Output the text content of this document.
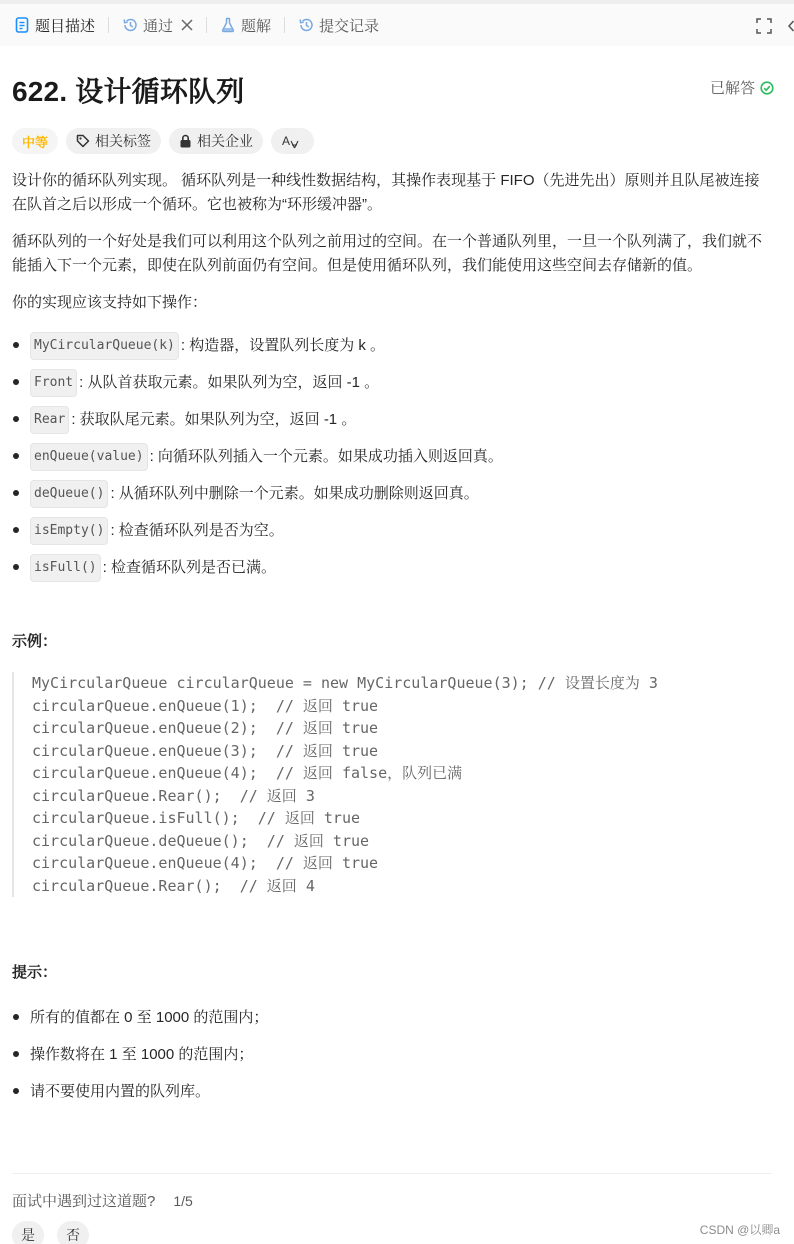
题目描述	通过	题解	提交记录
622. 设计循环队列	已解答
中等	相关标签	相关企业 A

设计你的循环队列实现。 循环队列是一种线性数据结构，其操作表现基于 FIFO（先进先出）原则并且队尾被连接在队首之后以形成一个循环。它也被称为“环形缓冲器”。

循环队列的一个好处是我们可以利用这个队列之前用过的空间。在一个普通队列里，一旦一个队列满了，我们就不能插入下一个元素，即使在队列前面仍有空间。但是使用循环队列，我们能使用这些空间去存储新的值。

你的实现应该支持如下操作：

MyCircularQueue(k) : 构造器，设置队列长度为 k 。
Front : 从队首获取元素。如果队列为空，返回 -1 。
Rear : 获取队尾元素。如果队列为空，返回 -1 。
enQueue(value) : 向循环队列插入一个元素。如果成功插入则返回真。
deQueue() : 从循环队列中删除一个元素。如果成功删除则返回真。
isEmpty() : 检查循环队列是否为空。
isFull() : 检查循环队列是否已满。
示例：
MyCircularQueue circularQueue = new MyCircularQueue(3); // 设置长度为 3
circularQueue.enQueue(1);  // 返回 true
circularQueue.enQueue(2);  // 返回 true
circularQueue.enQueue(3);  // 返回 true
circularQueue.enQueue(4);  // 返回 false，队列已满
circularQueue.Rear();  // 返回 3
circularQueue.isFull();  // 返回 true
circularQueue.deQueue();  // 返回 true
circularQueue.enQueue(4);  // 返回 true
circularQueue.Rear();  // 返回 4
提示：
所有的值都在 0 至 1000 的范围内；
操作数将在 1 至 1000 的范围内；
请不要使用内置的队列库。
面试中遇到过这道题? 1/5
是	否	CSDN @以卿a
